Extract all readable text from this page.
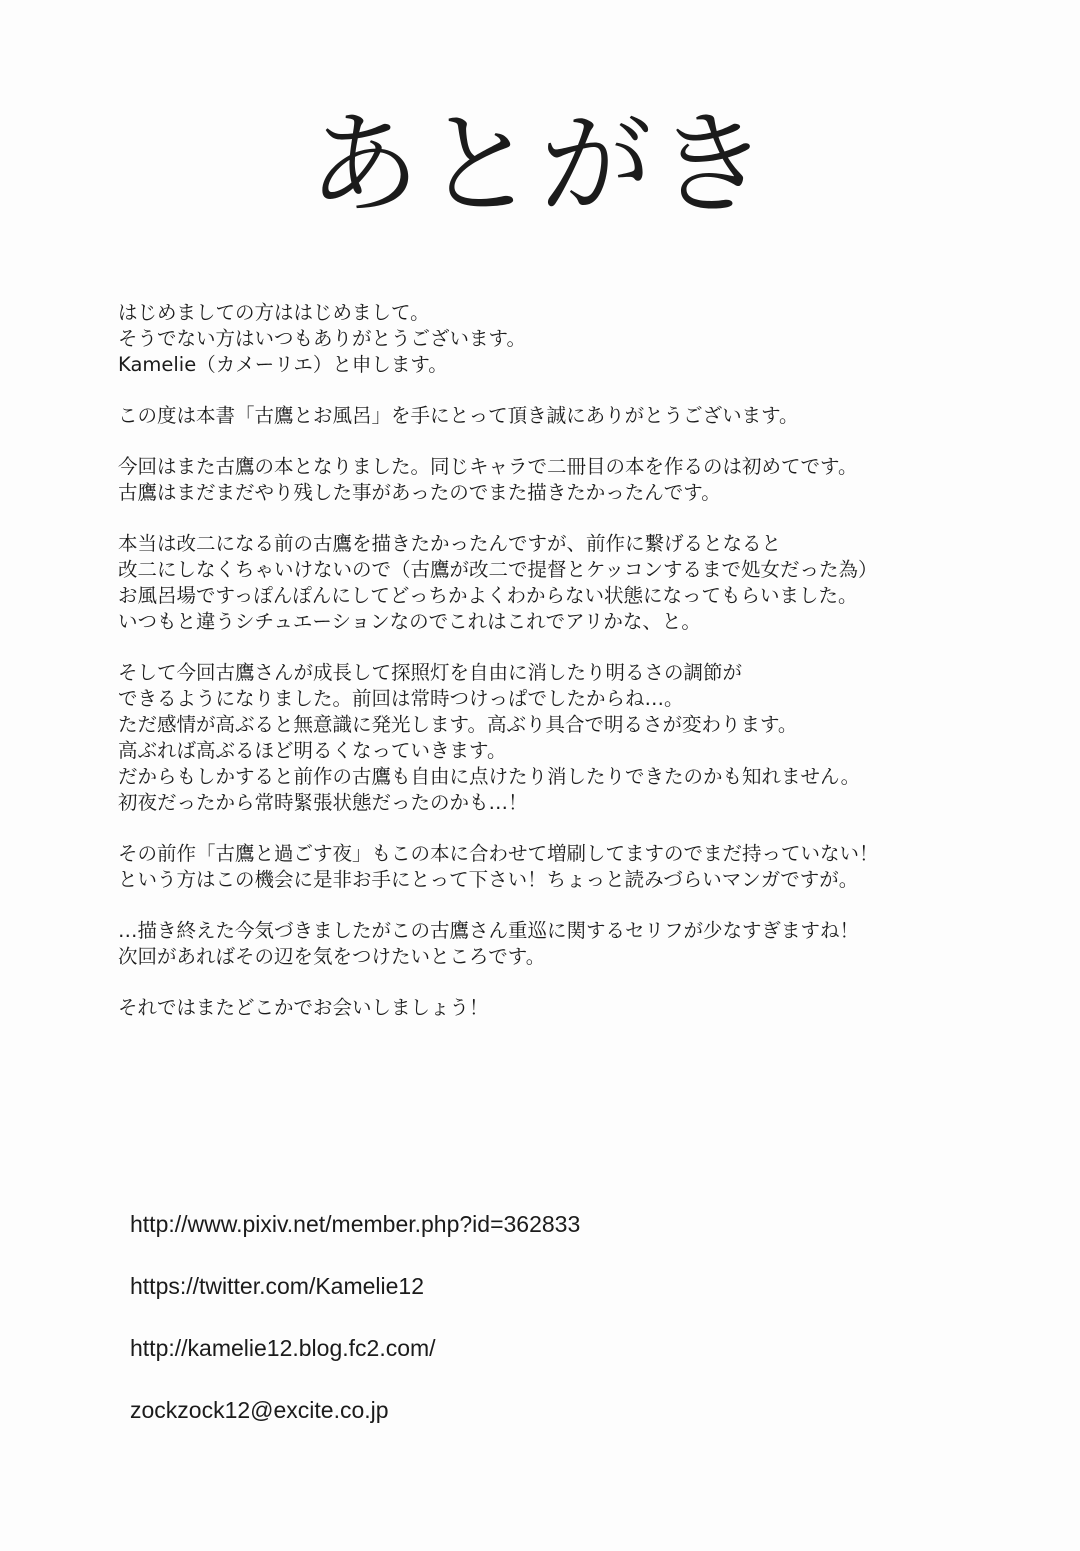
あとがき

はじめましての方ははじめまして。
そうでない方はいつもありがとうございます。
Kamelie（カメーリエ）と申します。

この度は本書「古鷹とお風呂」を手にとって頂き誠にありがとうございます。

今回はまた古鷹の本となりました。同じキャラで二冊目の本を作るのは初めてです。
古鷹はまだまだやり残した事があったのでまた描きたかったんです。

本当は改二になる前の古鷹を描きたかったんですが、前作に繋げるとなると
改二にしなくちゃいけないので（古鷹が改二で提督とケッコンするまで処女だった為）
お風呂場ですっぽんぽんにしてどっちかよくわからない状態になってもらいました。
いつもと違うシチュエーションなのでこれはこれでアリかな、と。

そして今回古鷹さんが成長して探照灯を自由に消したり明るさの調節が
できるようになりました。前回は常時つけっぱでしたからね…。
ただ感情が高ぶると無意識に発光します。高ぶり具合で明るさが変わります。
高ぶれば高ぶるほど明るくなっていきます。
だからもしかすると前作の古鷹も自由に点けたり消したりできたのかも知れません。
初夜だったから常時緊張状態だったのかも…！

その前作「古鷹と過ごす夜」もこの本に合わせて増刷してますのでまだ持っていない！
という方はこの機会に是非お手にとって下さい！ちょっと読みづらいマンガですが。

…描き終えた今気づきましたがこの古鷹さん重巡に関するセリフが少なすぎますね！
次回があればその辺を気をつけたいところです。

それではまたどこかでお会いしましょう！

http://www.pixiv.net/member.php?id=362833
https://twitter.com/Kamelie12
http://kamelie12.blog.fc2.com/
zockzock12@excite.co.jp
